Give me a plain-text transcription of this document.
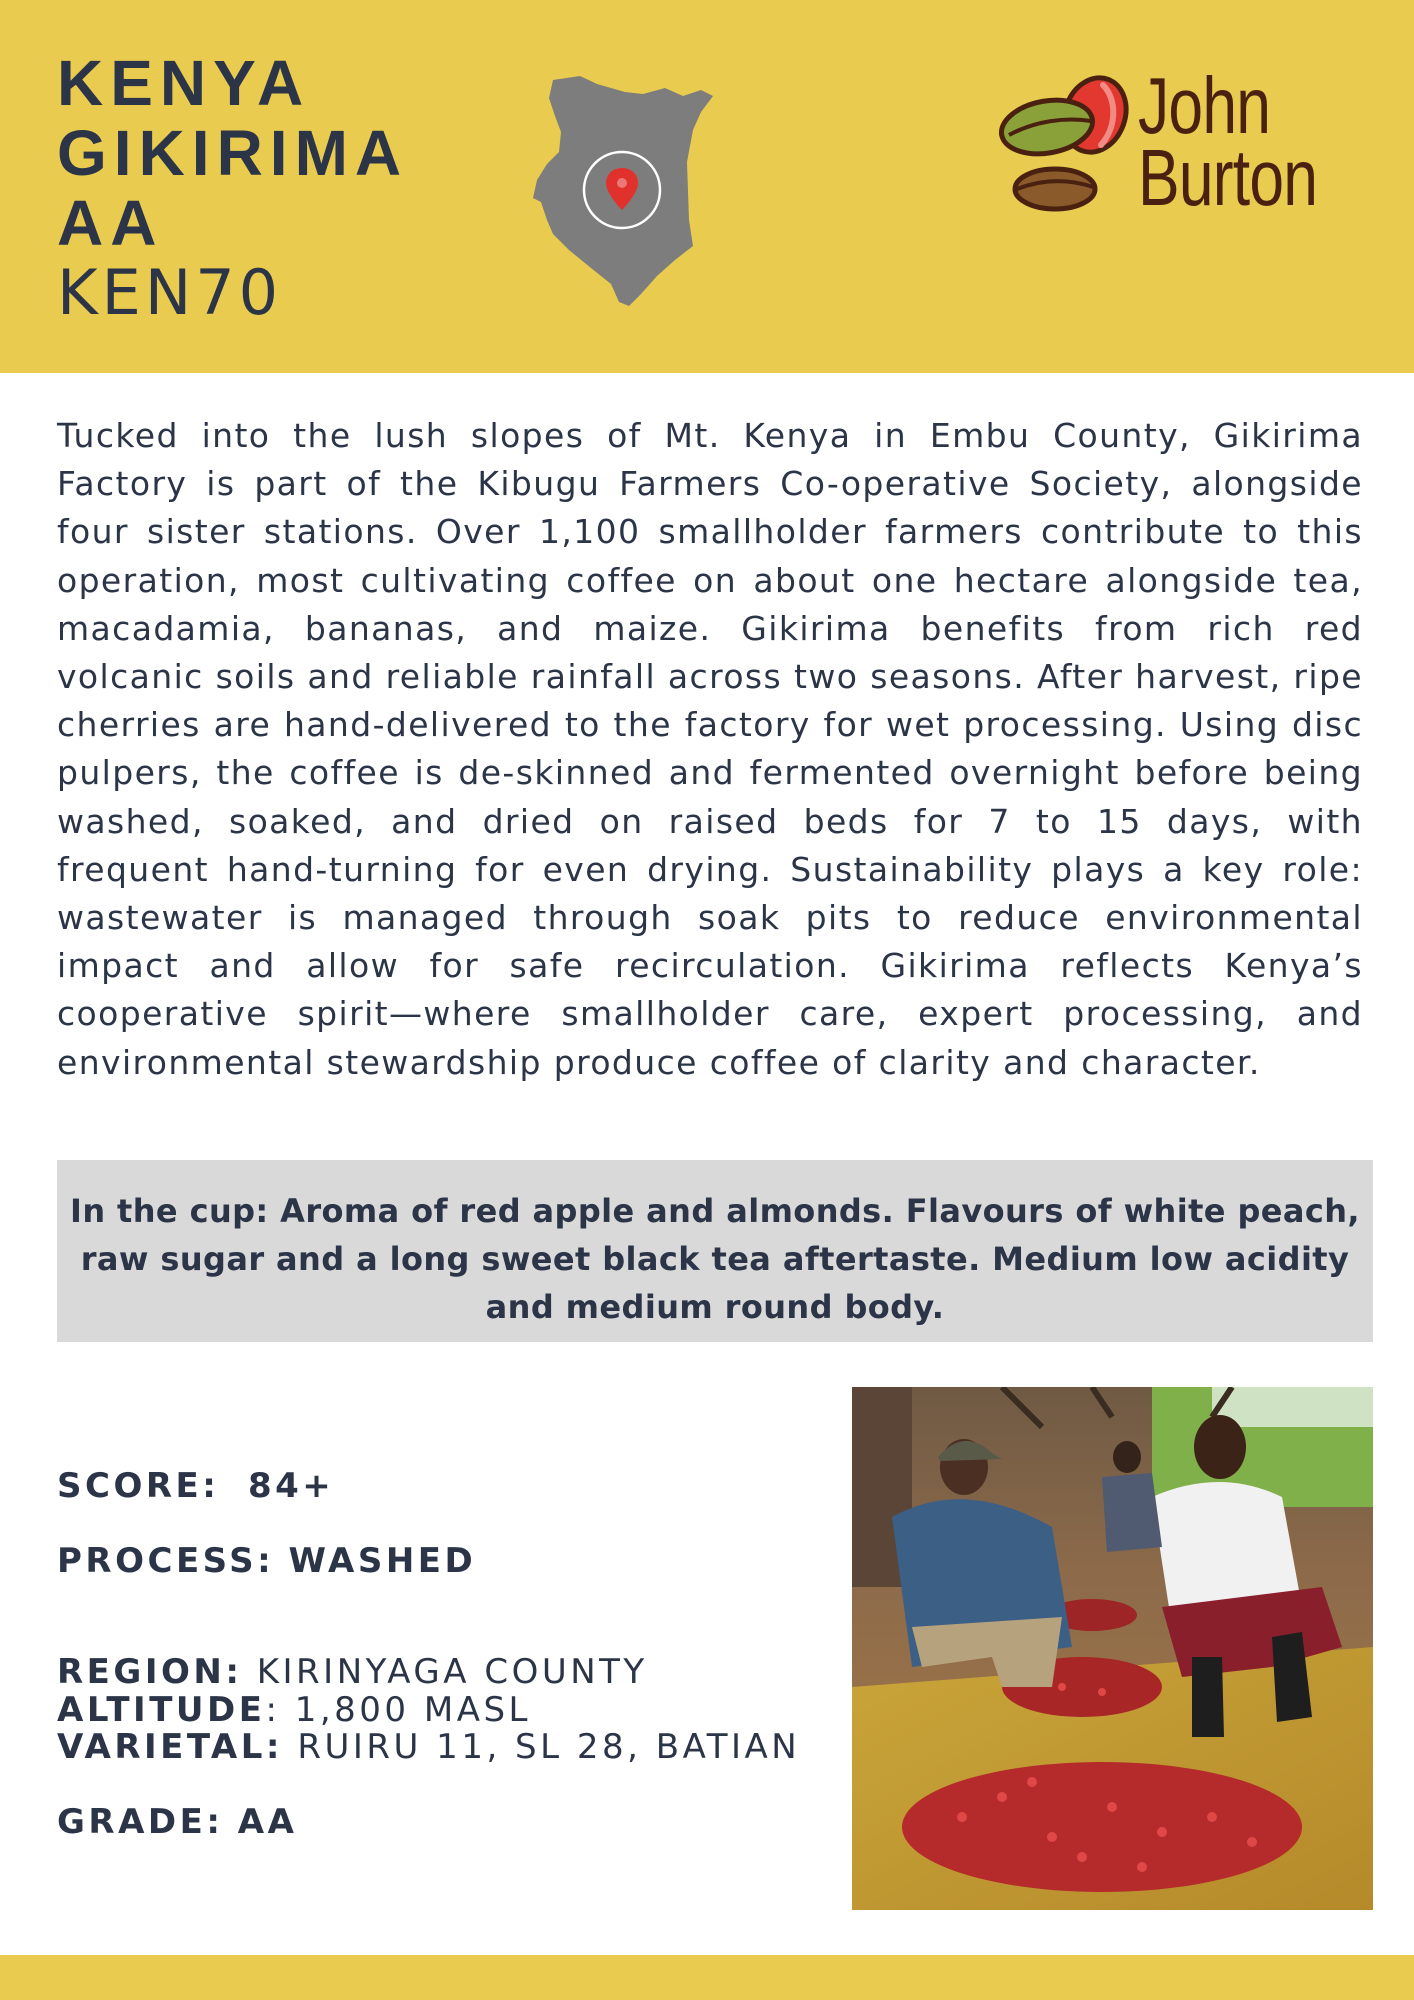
KENYA
GIKIRIMA
AA
KEN70
John
Burton

Tucked into the lush slopes of Mt. Kenya in Embu County, Gikirima Factory is part of the Kibugu Farmers Co-operative Society, alongside four sister stations. Over 1,100 smallholder farmers contribute to this operation, most cultivating coffee on about one hectare alongside tea, macadamia, bananas, and maize. Gikirima benefits from rich red volcanic soils and reliable rainfall across two seasons. After harvest, ripe cherries are hand-delivered to the factory for wet processing. Using disc pulpers, the coffee is de-skinned and fermented overnight before being washed, soaked, and dried on raised beds for 7 to 15 days, with frequent hand-turning for even drying. Sustainability plays a key role: wastewater is managed through soak pits to reduce environmental impact and allow for safe recirculation. Gikirima reflects Kenya’s cooperative spirit—where smallholder care, expert processing, and environmental stewardship produce coffee of clarity and character.

In the cup: Aroma of red apple and almonds. Flavours of white peach, raw sugar and a long sweet black tea aftertaste. Medium low acidity and medium round body.
SCORE: 84+
PROCESS: WASHED
REGION: KIRINYAGA COUNTY
ALTITUDE: 1,800 MASL
VARIETAL: RUIRU 11, SL 28, BATIAN
GRADE: AA
